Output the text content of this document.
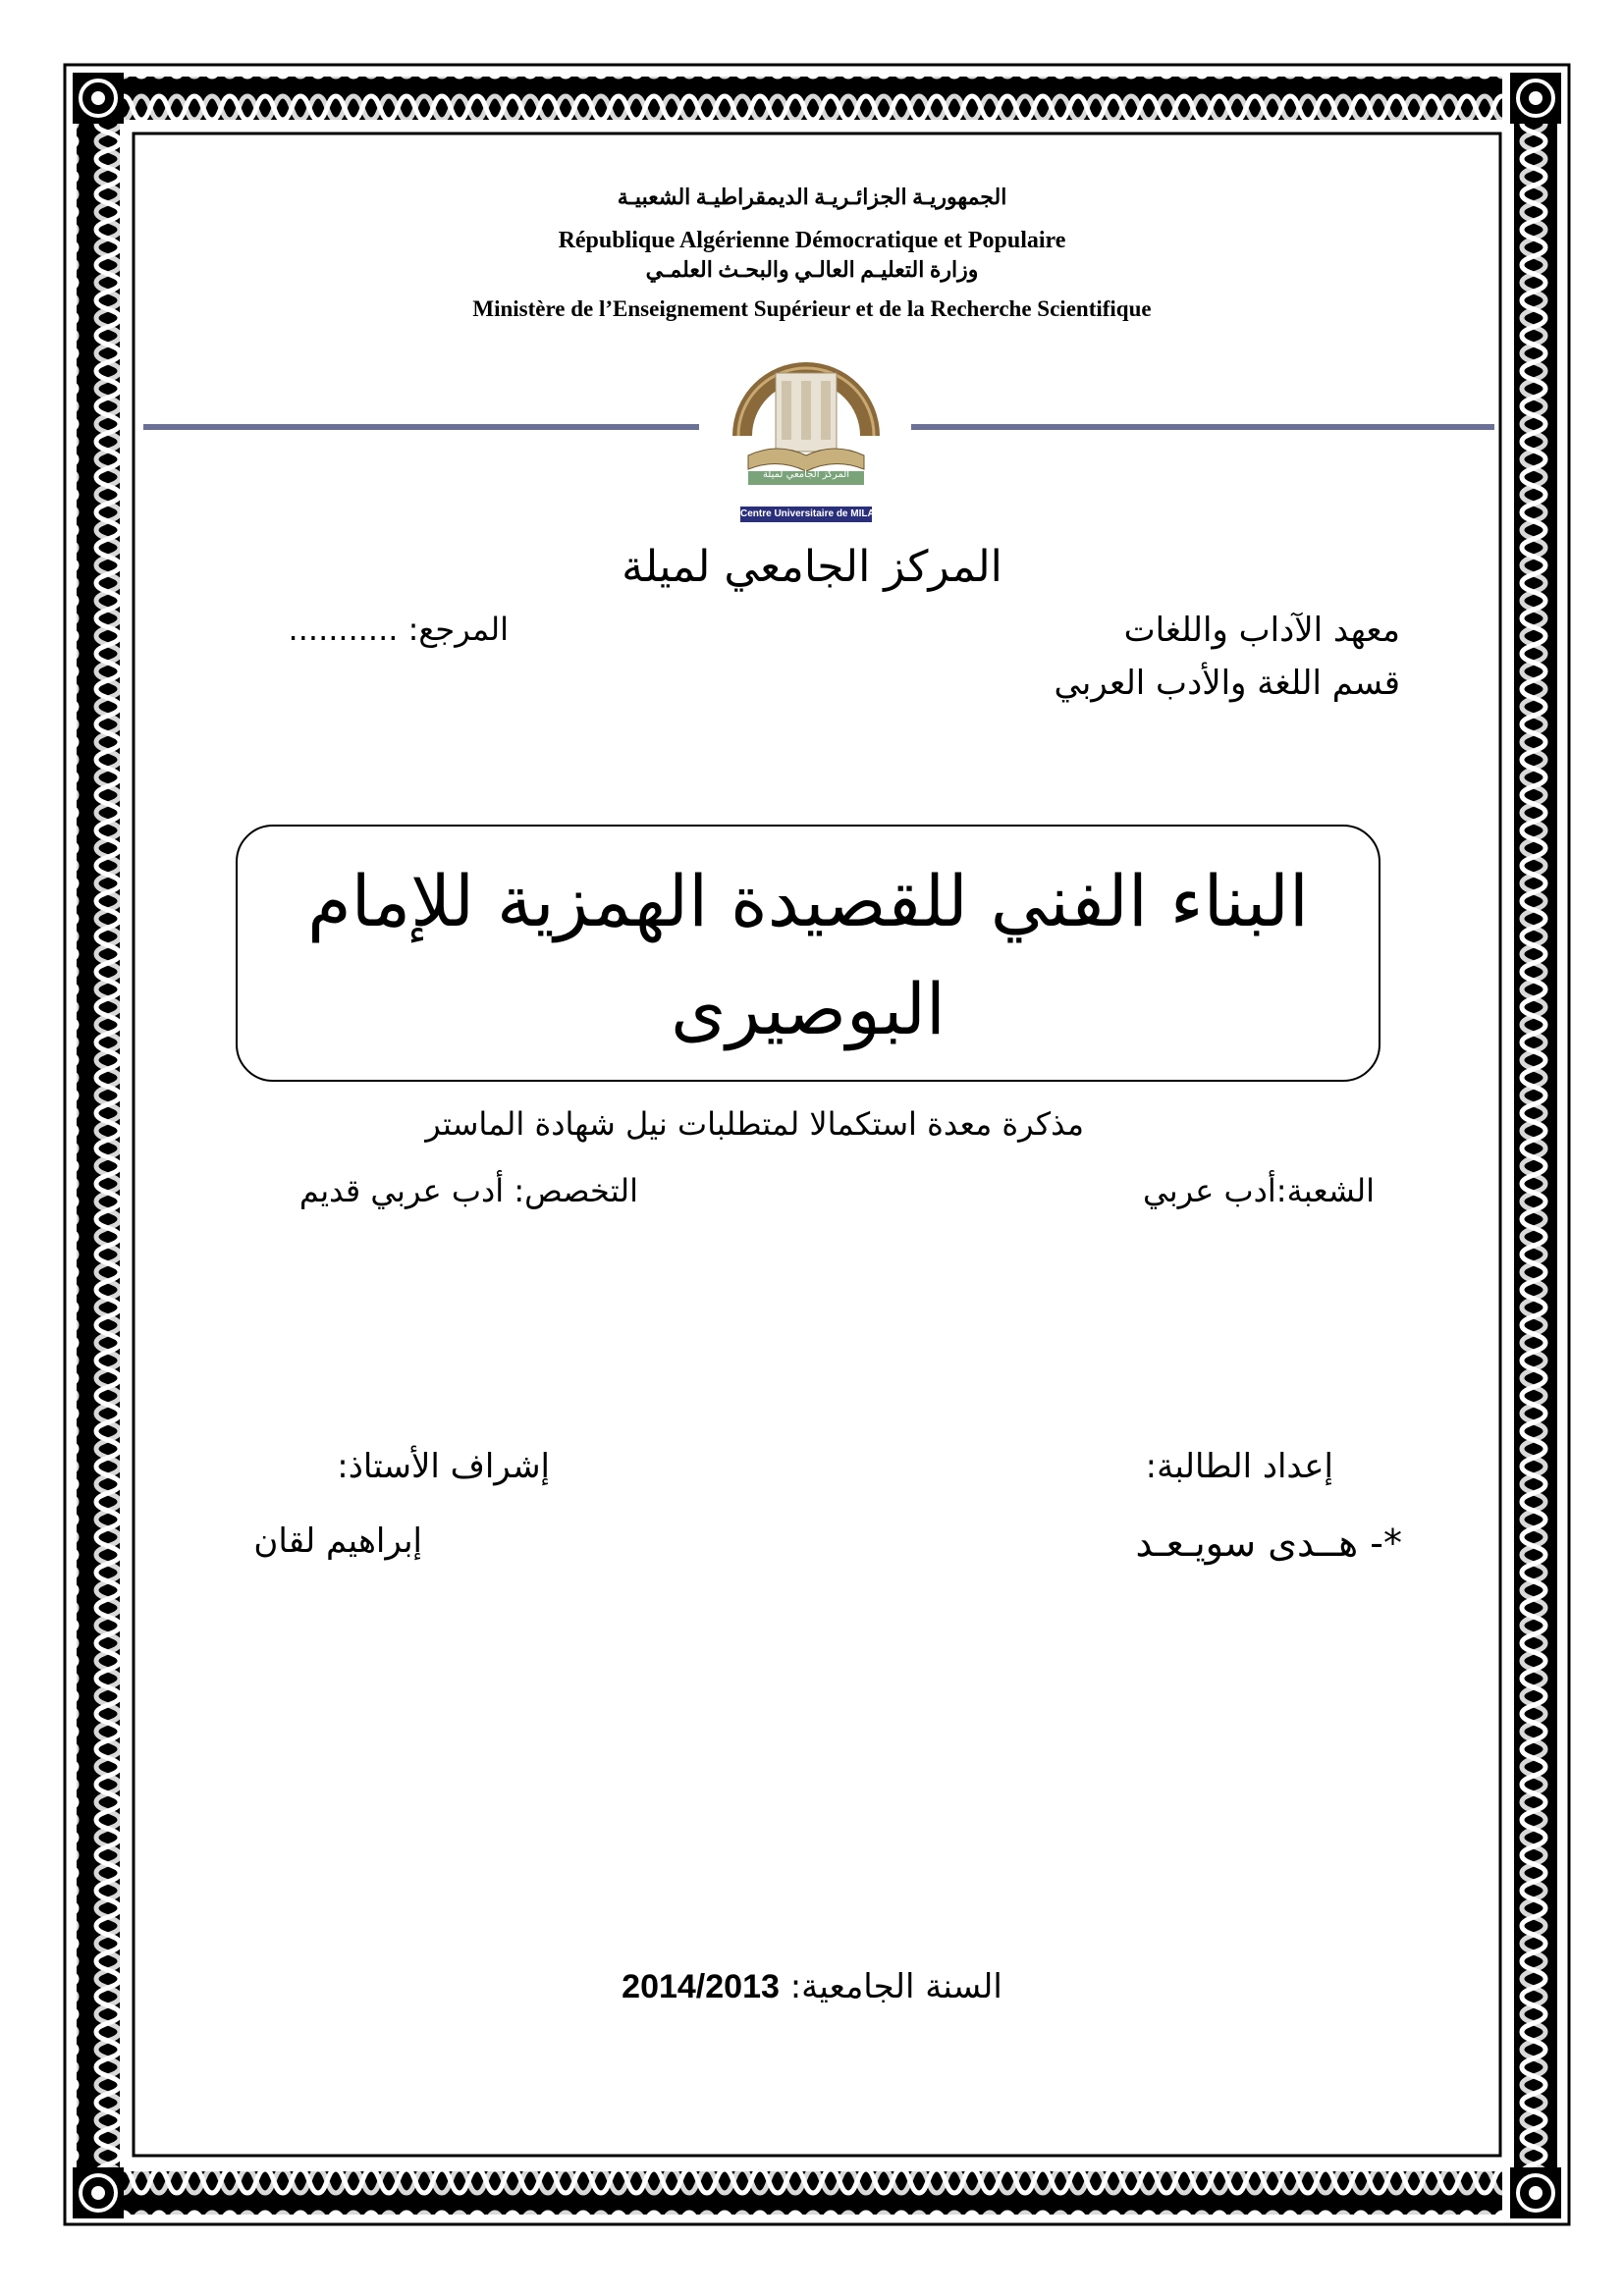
الجمهوريـة الجزائـريـة الديمقراطيـة الشعبيـة
République Algérienne Démocratique et Populaire
وزارة التعليـم العالـي والبحـث العلمـي
Ministère de l’Enseignement Supérieur et de la Recherche Scientifique
المركز الجامعي لميلة
Centre Universitaire de MILA
المركز الجامعي لميلة
معهد الآداب واللغات
المرجع: ...........
قسم اللغة والأدب العربي
البناء الفني للقصيدة الهمزية للإمام
البوصيرى
مذكرة معدة استكمالا لمتطلبات نيل شهادة الماستر
الشعبة:أدب عربي
التخصص: أدب عربي قديم
إعداد الطالبة:
إشراف الأستاذ:
*- هــدى سويـعـد
إبراهيم لقان
السنة الجامعية: 2014/2013
